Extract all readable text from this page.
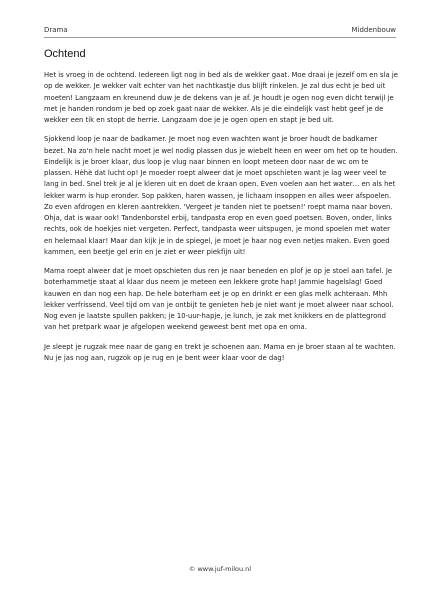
Drama	Middenbouw
Ochtend

Het is vroeg in de ochtend. Iedereen ligt nog in bed als de wekker gaat. Moe draai je jezelf om en sla je op de wekker. Je wekker valt echter van het nachtkastje dus blijft rinkelen. Je zal dus echt je bed uit moeten! Langzaam en kreunend duw je de dekens van je af. Je houdt je ogen nog even dicht terwijl je met je handen rondom je bed op zoek gaat naar de wekker. Als je die eindelijk vast hebt geef je de wekker een tik en stopt de herrie. Langzaam doe je je ogen open en stapt je bed uit.

Sjokkend loop je naar de badkamer. Je moet nog even wachten want je broer houdt de badkamer bezet. Na zo'n hele nacht moet je wel nodig plassen dus je wiebelt heen en weer om het op te houden. Eindelijk is je broer klaar, dus loop je vlug naar binnen en loopt meteen door naar de wc om te plassen. Hèhè dat lucht op! Je moeder roept alweer dat je moet opschieten want je lag weer veel te lang in bed. Snel trek je al je kleren uit en doet de kraan open. Even voelen aan het water… en als het lekker warm is hup eronder. Sop pakken, haren wassen, je lichaam insoppen en alles weer afspoelen. Zo even afdrogen en kleren aantrekken. 'Vergeet je tanden niet te poetsen!' roept mama naar boven. Ohja, dat is waar ook! Tandenborstel erbij, tandpasta erop en even goed poetsen. Boven, onder, links rechts, ook de hoekjes niet vergeten. Perfect, tandpasta weer uitspugen, je mond spoelen met water en helemaal klaar! Maar dan kijk je in de spiegel, je moet je haar nog even netjes maken. Even goed kammen, een beetje gel erin en je ziet er weer piekfijn uit!

Mama roept alweer dat je moet opschieten dus ren je naar beneden en plof je op je stoel aan tafel. Je boterhammetje staat al klaar dus neem je meteen een lekkere grote hap! Jammie hagelslag! Goed kauwen en dan nog een hap. De hele boterham eet je op en drinkt er een glas melk achteraan. Mhh lekker verfrissend. Veel tijd om van je ontbijt te genieten heb je niet want je moet alweer naar school. Nog even je laatste spullen pakken; je 10-uur-hapje, je lunch, je zak met knikkers en de plattegrond van het pretpark waar je afgelopen weekend geweest bent met opa en oma.

Je sleept je rugzak mee naar de gang en trekt je schoenen aan. Mama en je broer staan al te wachten. Nu je jas nog aan, rugzok op je rug en je bent weer klaar voor de dag!

© www.juf-milou.nl
